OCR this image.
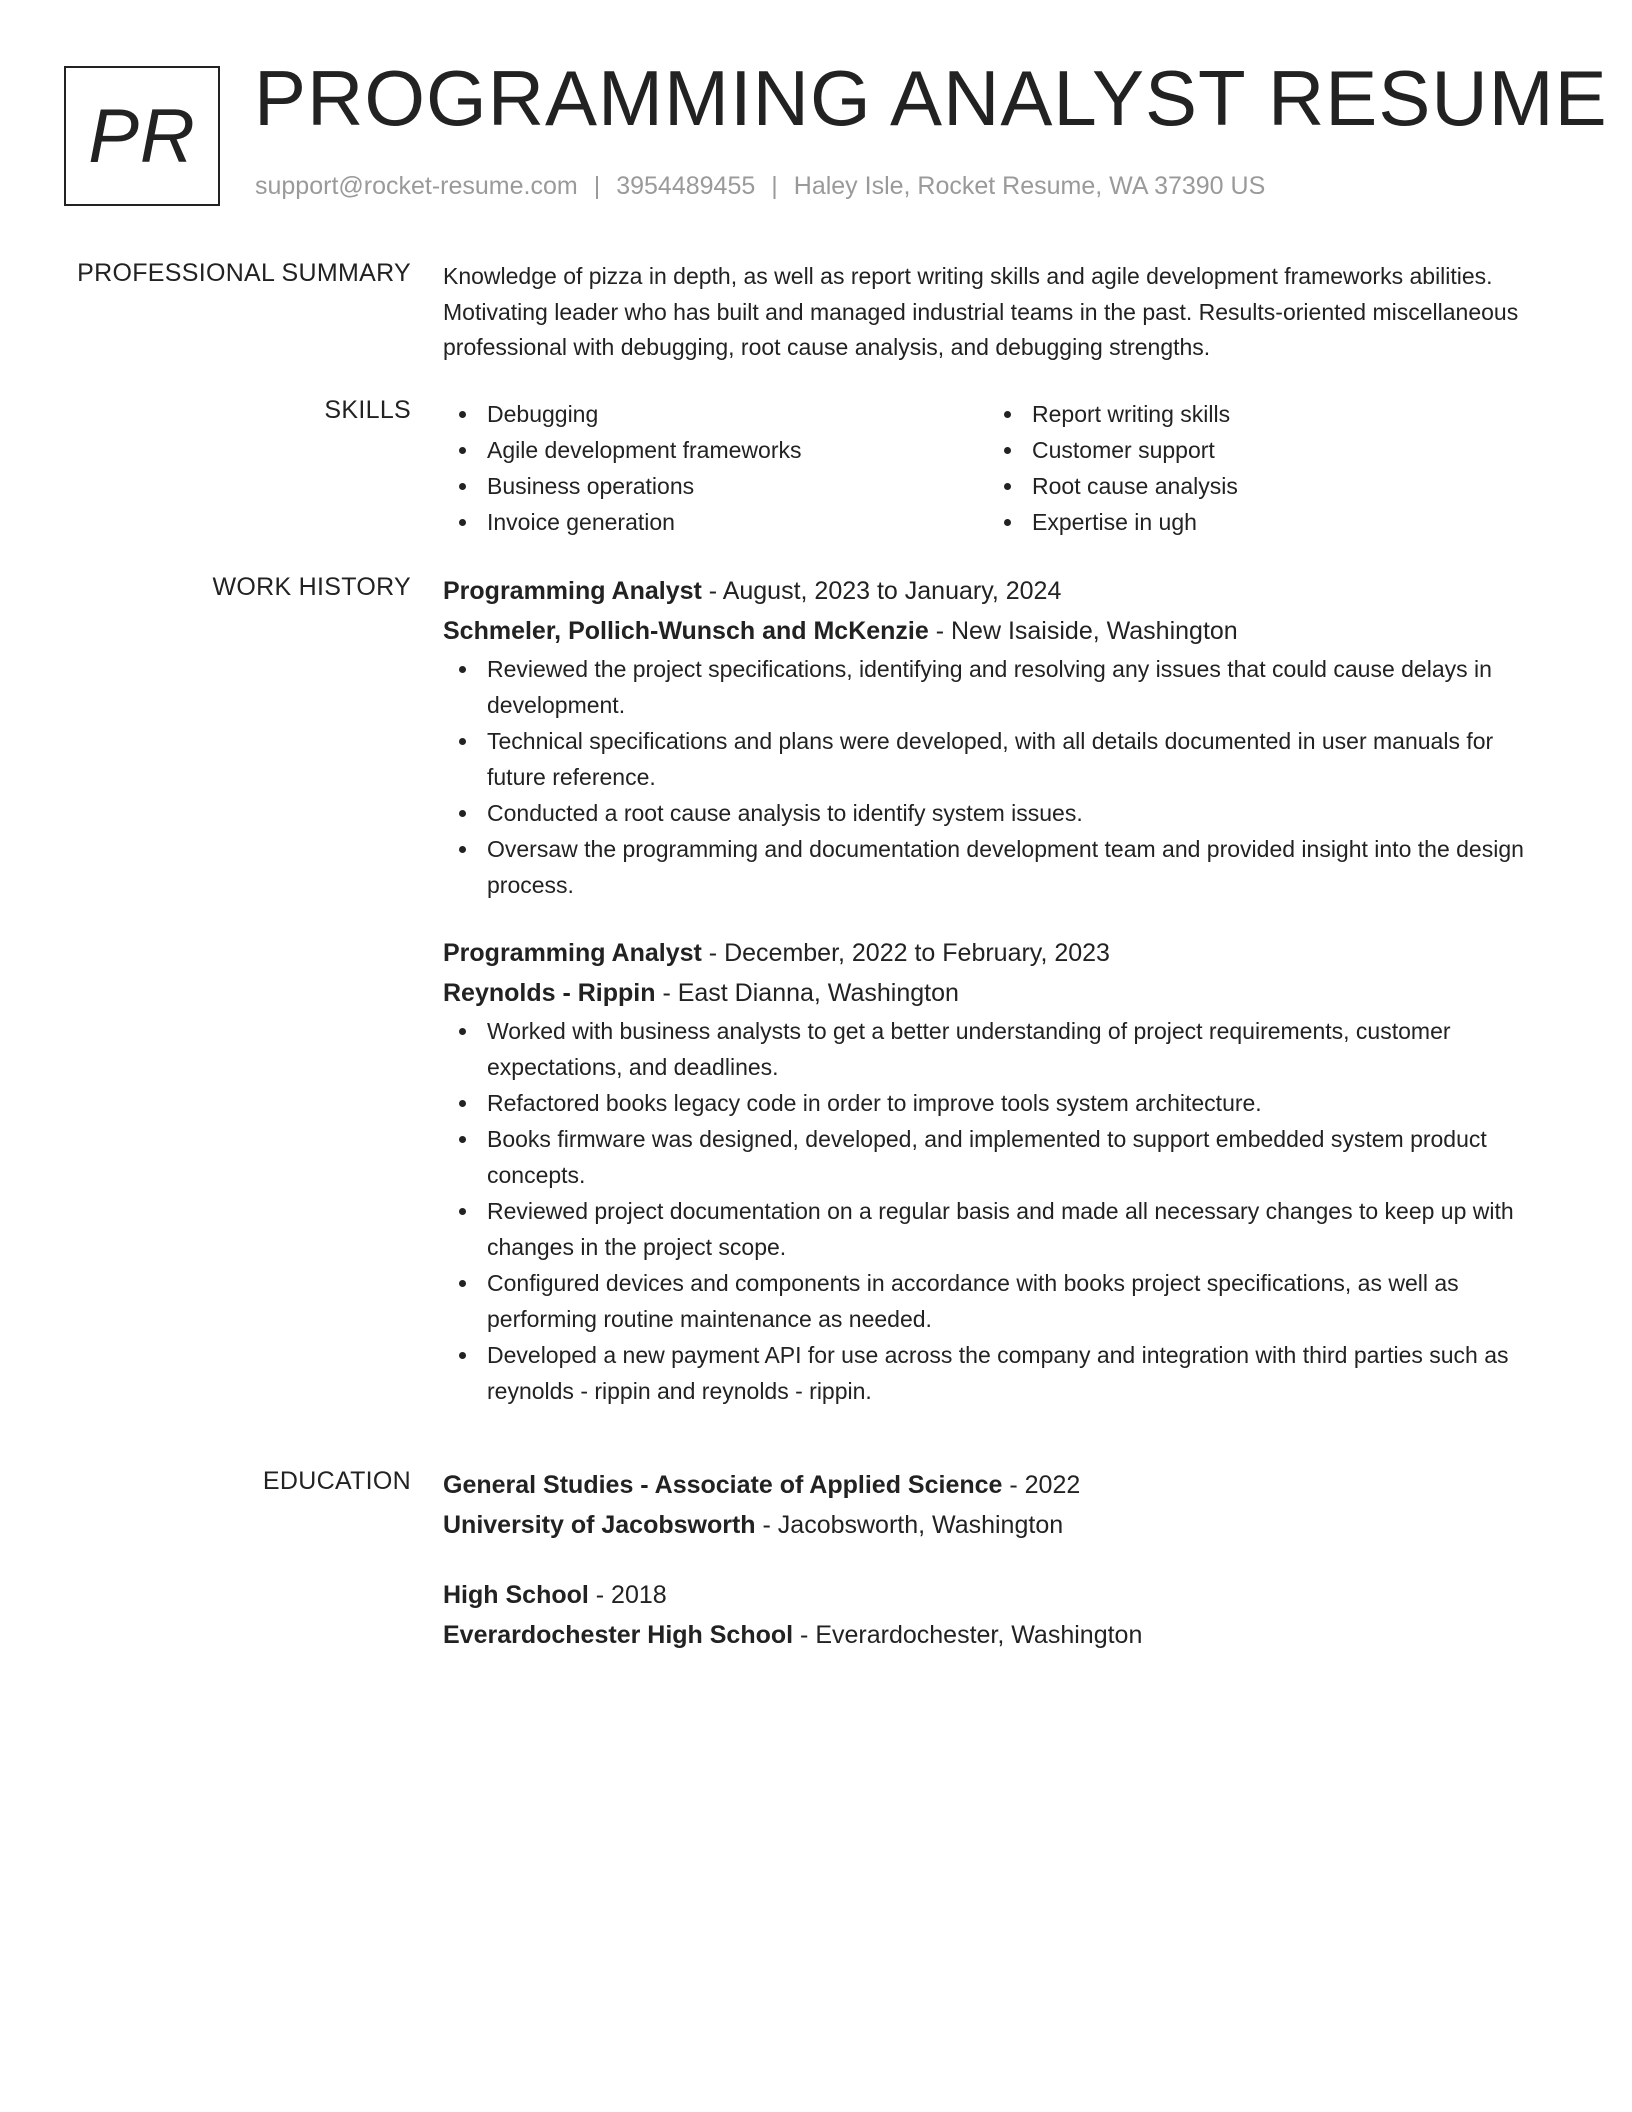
PR PROGRAMMING ANALYST RESUME
support@rocket-resume.com | 3954489455 | Haley Isle, Rocket Resume, WA 37390 US
PROFESSIONAL SUMMARY Knowledge of pizza in depth, as well as report writing skills and agile development frameworks abilities. Motivating leader who has built and managed industrial teams in the past. Results-oriented miscellaneous professional with debugging, root cause analysis, and debugging strengths.

SKILLS	Debugging
Agile development frameworks
Business operations
Invoice generation
Report writing skills
Customer support
Root cause analysis
Expertise in ugh
WORK HISTORY Programming Analyst - August, 2023 to January, 2024
Schmeler, Pollich-Wunsch and McKenzie - New Isaiside, Washington
Reviewed the project specifications, identifying and resolving any issues that could cause delays in development.
Technical specifications and plans were developed, with all details documented in user manuals for future reference.
Conducted a root cause analysis to identify system issues.
Oversaw the programming and documentation development team and provided insight into the design process.
Programming Analyst - December, 2022 to February, 2023
Reynolds - Rippin - East Dianna, Washington
Worked with business analysts to get a better understanding of project requirements, customer expectations, and deadlines.
Refactored books legacy code in order to improve tools system architecture.
Books firmware was designed, developed, and implemented to support embedded system product concepts.
Reviewed project documentation on a regular basis and made all necessary changes to keep up with changes in the project scope.
Configured devices and components in accordance with books project specifications, as well as performing routine maintenance as needed.
Developed a new payment API for use across the company and integration with third parties such as reynolds - rippin and reynolds - rippin.
EDUCATION General Studies - Associate of Applied Science - 2022
University of Jacobsworth - Jacobsworth, Washington
High School - 2018
Everardochester High School - Everardochester, Washington
